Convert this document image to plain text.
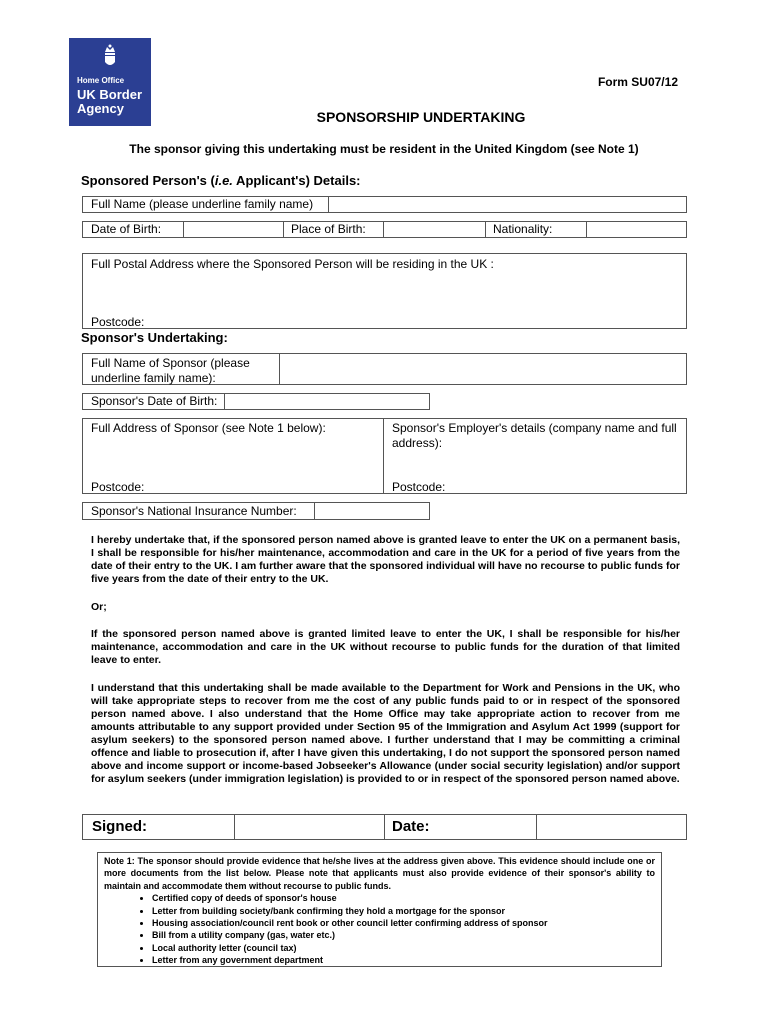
Home Office
UK Border
Agency
Form SU07/12
SPONSORSHIP UNDERTAKING
The sponsor giving this undertaking must be resident in the United Kingdom (see Note 1)
Sponsored Person's (i.e. Applicant's) Details:
Full Name (please underline family name)
Date of Birth:	Place of Birth:	Nationality:
Full Postal Address where the Sponsored Person will be residing in the UK :
Postcode:
Sponsor's Undertaking:
Full Name of Sponsor (please underline family name):
Sponsor's Date of Birth:
Full Address of Sponsor (see Note 1 below):
Postcode:
Sponsor's Employer's details (company name and full address):
Postcode:
Sponsor's National Insurance Number:
I hereby undertake that, if the sponsored person named above is granted leave to enter the UK on a permanent basis, I shall be responsible for his/her maintenance, accommodation and care in the UK for a period of five years from the date of their entry to the UK. I am further aware that the sponsored individual will have no recourse to public funds for five years from the date of their entry to the UK.
Or;
If the sponsored person named above is granted limited leave to enter the UK, I shall be responsible for his/her maintenance, accommodation and care in the UK without recourse to public funds for the duration of that limited leave to enter.
I understand that this undertaking shall be made available to the Department for Work and Pensions in the UK, who will take appropriate steps to recover from me the cost of any public funds paid to or in respect of the sponsored person named above. I also understand that the Home Office may take appropriate action to recover from me amounts attributable to any support provided under Section 95 of the Immigration and Asylum Act 1999 (support for asylum seekers) to the sponsored person named above. I further understand that I may be committing a criminal offence and liable to prosecution if, after I have given this undertaking, I do not support the sponsored person named above and income support or income-based Jobseeker's Allowance (under social security legislation) and/or support for asylum seekers (under immigration legislation) is provided to or in respect of the sponsored person named above.
Signed:	Date:
Note 1: The sponsor should provide evidence that he/she lives at the address given above. This evidence should include one or more documents from the list below. Please note that applicants must also provide evidence of their sponsor's ability to maintain and accommodate them without recourse to public funds.
• Certified copy of deeds of sponsor's house
• Letter from building society/bank confirming they hold a mortgage for the sponsor
• Housing association/council rent book or other council letter confirming address of sponsor
• Bill from a utility company (gas, water etc.)
• Local authority letter (council tax)
• Letter from any government department
